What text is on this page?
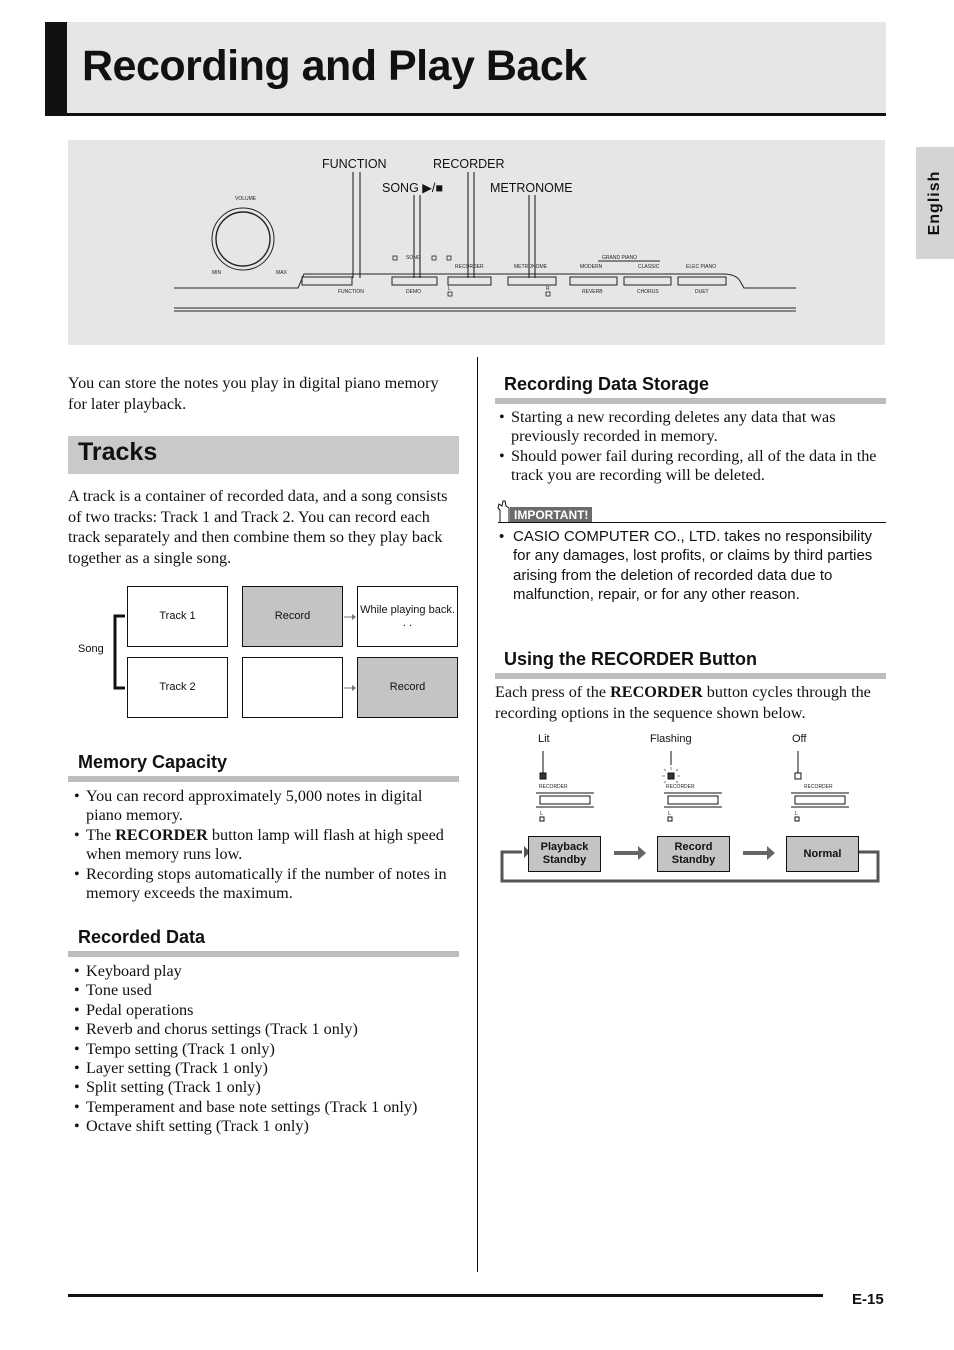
Recording and Play Back
English
FUNCTION	RECORDER
SONG ▶/■	METRONOME
VOLUME
MIN	MAX
SONG
RECORDER	METRONOME
GRAND PIANO
MODERN	CLASSIC	ELEC PIANO
FUNCTION	DEMO	L	R	REVERB	CHORUS	DUET

You can store the notes you play in digital piano memory for later playback.

Tracks

A track is a container of recorded data, and a song consists of two tracks: Track 1 and Track 2. You can record each track separately and then combine them so they play back together as a single song.

Song
Track 1	Record
While playing back. . .
Track 2	Record
Memory Capacity
• You can record approximately 5,000 notes in digital piano memory.
• The RECORDER button lamp will flash at high speed when memory runs low.
• Recording stops automatically if the number of notes in memory exceeds the maximum.
Recorded Data
• Keyboard play
• Tone used
• Pedal operations
• Reverb and chorus settings (Track 1 only)
• Tempo setting (Track 1 only)
• Layer setting (Track 1 only)
• Split setting (Track 1 only)
• Temperament and base note settings (Track 1 only)
• Octave shift setting (Track 1 only)
Recording Data Storage
• Starting a new recording deletes any data that was previously recorded in memory.
• Should power fail during recording, all of the data in the track you are recording will be deleted.
IMPORTANT!
• CASIO COMPUTER CO., LTD. takes no responsibility for any damages, lost profits, or claims by third parties arising from the deletion of recorded data due to malfunction, repair, or for any other reason.
Using the RECORDER Button

Each press of the RECORDER button cycles through the recording options in the sequence shown below.

Lit	Flashing	Off
RECORDER	RECORDER	RECORDER
L	L	L
Playback Standby
Record Standby
Normal
E-15
